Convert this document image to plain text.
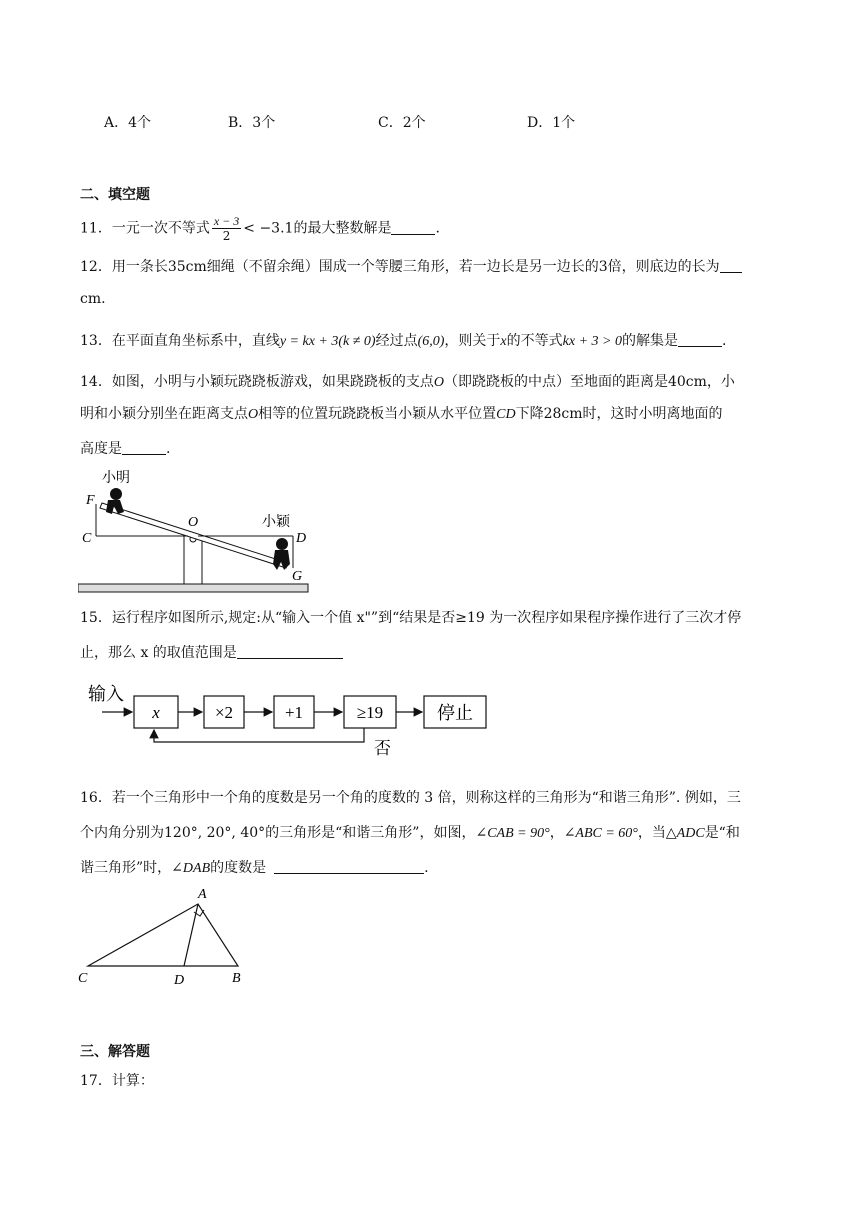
A．4个	B．3个	C．2个	D．1个
二、填空题
11．一元一次不等式 $\frac{x - 3}{2} < -3.1$的最大整数解是	.
12．用一条长35cm细绳（不留余绳）围成一个等腰三角形，若一边长是另一边长的3倍，则底边的长为
cm.
13．在平面直角坐标系中，直线y = kx + 3(k ≠ 0)经过点(6,0)，则关于x的不等式kx + 3 > 0的解集是	.
14．如图，小明与小颖玩跷跷板游戏，如果跷跷板的支点O（即跷跷板的中点）至地面的距离是40cm，小
明和小颖分别坐在距离支点O相等的位置玩跷跷板当小颖从水平位置CD下降28cm时，这时小明离地面的
高度是	.
小明
小颖
F
C
O
D
G
15．运行程序如图所示,规定:从“输入一个值 x"”到“结果是否≥19 为一次程序如果程序操作进行了三次才停
止，那么 x 的取值范围是
输入
x	×2	+1	≥19	停止
否
16．若一个三角形中一个角的度数是另一个角的度数的 3 倍，则称这样的三角形为“和谐三角形”. 例如，三
个内角分别为120°, 20°, 40°的三角形是“和谐三角形”，如图，∠CAB = 90°，∠ABC = 60°，当△ADC是“和
谐三角形”时，∠DAB的度数是	.
A
B
C	D
三、解答题
17．计算：
